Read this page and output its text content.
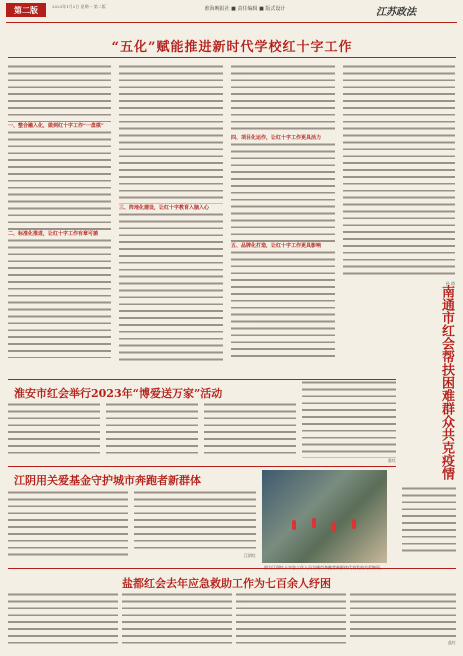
第二版	2023年1月2日 星期一 第二版	淮海晚报社 ■ 责任编辑 ■ 版式设计	江苏政法
“五化”赋能推进新时代学校红十字工作
一、整合融入化，做到红十字工作“一盘棋”
二、标准化推进，让红十字工作有章可循
三、阵地化建设，让红十字教育入脑入心
四、项目化运作，让红十字工作更具活力
五、品牌化打造，让红十字工作更具影响
孙 倩
南通市红会帮扶困难群众共克疫情
淮安市红会举行2023年“博爱送万家”活动
淮红
江阴用关爱基金守护城市奔跑者新群体
江阴红
盐都红会去年应急救助工作为七百余人纾困
盐红
